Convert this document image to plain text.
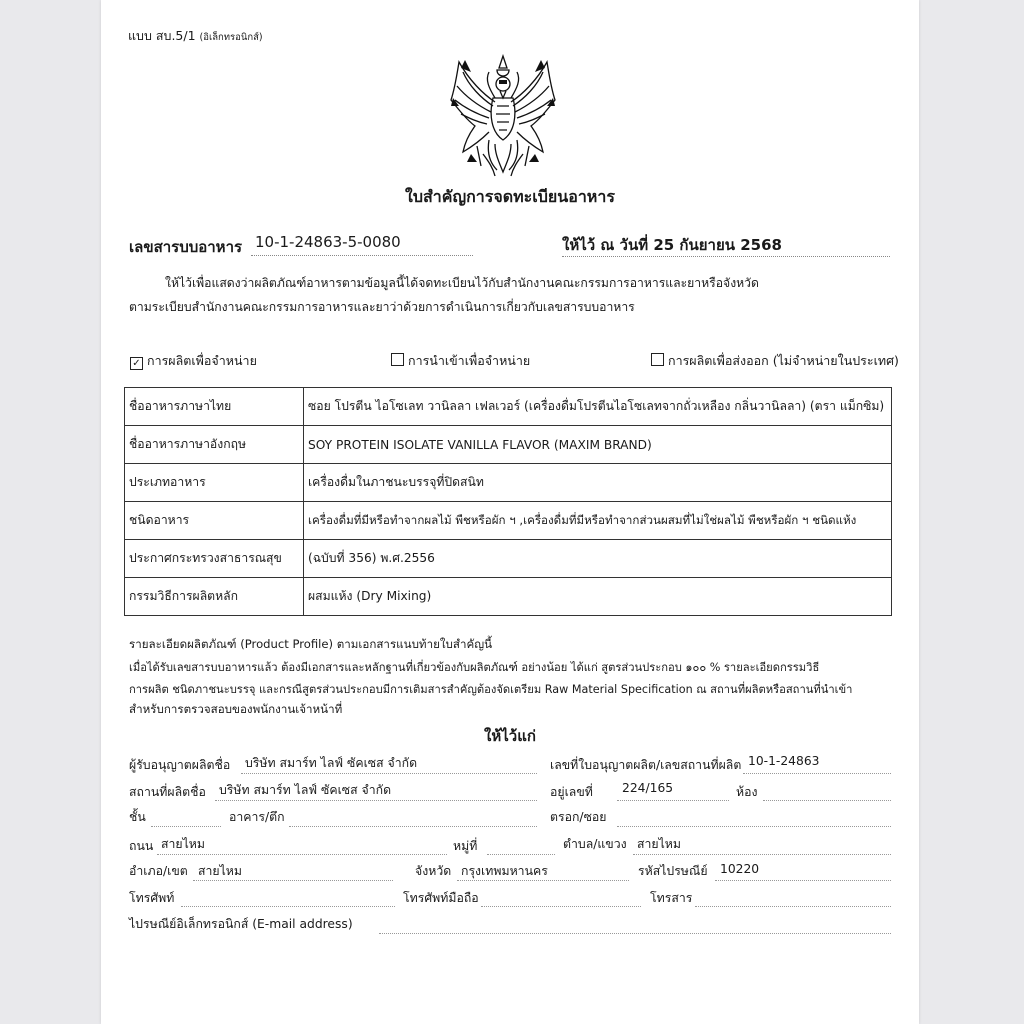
แบบ สบ.5/1 (อิเล็กทรอนิกส์)
ใบสำคัญการจดทะเบียนอาหาร
เลขสารบบอาหาร 10-1-24863-5-0080	ให้ไว้ ณ วันที่ 25 กันยายน 2568
ให้ไว้เพื่อแสดงว่าผลิตภัณฑ์อาหารตามข้อมูลนี้ได้จดทะเบียนไว้กับสำนักงานคณะกรรมการอาหารและยาหรือจังหวัด
ตามระเบียบสำนักงานคณะกรรมการอาหารและยาว่าด้วยการดำเนินการเกี่ยวกับเลขสารบบอาหาร
✓ การผลิตเพื่อจำหน่าย	การนำเข้าเพื่อจำหน่าย	การผลิตเพื่อส่งออก (ไม่จำหน่ายในประเทศ)
ชื่ออาหารภาษาไทย	ซอย โปรตีน ไอโซเลท วานิลลา เฟลเวอร์ (เครื่องดื่มโปรตีนไอโซเลทจากถั่วเหลือง กลิ่นวานิลลา) (ตรา แม็กซิม)
ชื่ออาหารภาษาอังกฤษ	SOY PROTEIN ISOLATE VANILLA FLAVOR (MAXIM BRAND)
ประเภทอาหาร	เครื่องดื่มในภาชนะบรรจุที่ปิดสนิท
ชนิดอาหาร	เครื่องดื่มที่มีหรือทำจากผลไม้ พืชหรือผัก ฯ ,เครื่องดื่มที่มีหรือทำจากส่วนผสมที่ไม่ใช่ผลไม้ พืชหรือผัก ฯ ชนิดแห้ง
ประกาศกระทรวงสาธารณสุข	(ฉบับที่ 356) พ.ศ.2556
กรรมวิธีการผลิตหลัก	ผสมแห้ง (Dry Mixing)
รายละเอียดผลิตภัณฑ์ (Product Profile) ตามเอกสารแนบท้ายใบสำคัญนี้
เมื่อได้รับเลขสารบบอาหารแล้ว ต้องมีเอกสารและหลักฐานที่เกี่ยวข้องกับผลิตภัณฑ์ อย่างน้อย ได้แก่ สูตรส่วนประกอบ ๑๐๐ % รายละเอียดกรรมวิธี
การผลิต ชนิดภาชนะบรรจุ และกรณีสูตรส่วนประกอบมีการเติมสารสำคัญต้องจัดเตรียม Raw Material Specification ณ สถานที่ผลิตหรือสถานที่นำเข้า
สำหรับการตรวจสอบของพนักงานเจ้าหน้าที่
ให้ไว้แก่
ผู้รับอนุญาตผลิตชื่อ บริษัท สมาร์ท ไลฟ์ ซัคเซส จำกัด	เลขที่ใบอนุญาตผลิต/เลขสถานที่ผลิต 10-1-24863
สถานที่ผลิตชื่อ บริษัท สมาร์ท ไลฟ์ ซัคเซส จำกัด	อยู่เลขที่ 224/165	ห้อง
ชั้น	อาคาร/ตึก	ตรอก/ซอย
ถนน สายไหม	หมู่ที่	ตำบล/แขวง สายไหม
อำเภอ/เขต สายไหม	จังหวัด กรุงเทพมหานคร	รหัสไปรษณีย์ 10220
โทรศัพท์	โทรศัพท์มือถือ	โทรสาร
ไปรษณีย์อิเล็กทรอนิกส์ (E-mail address)
